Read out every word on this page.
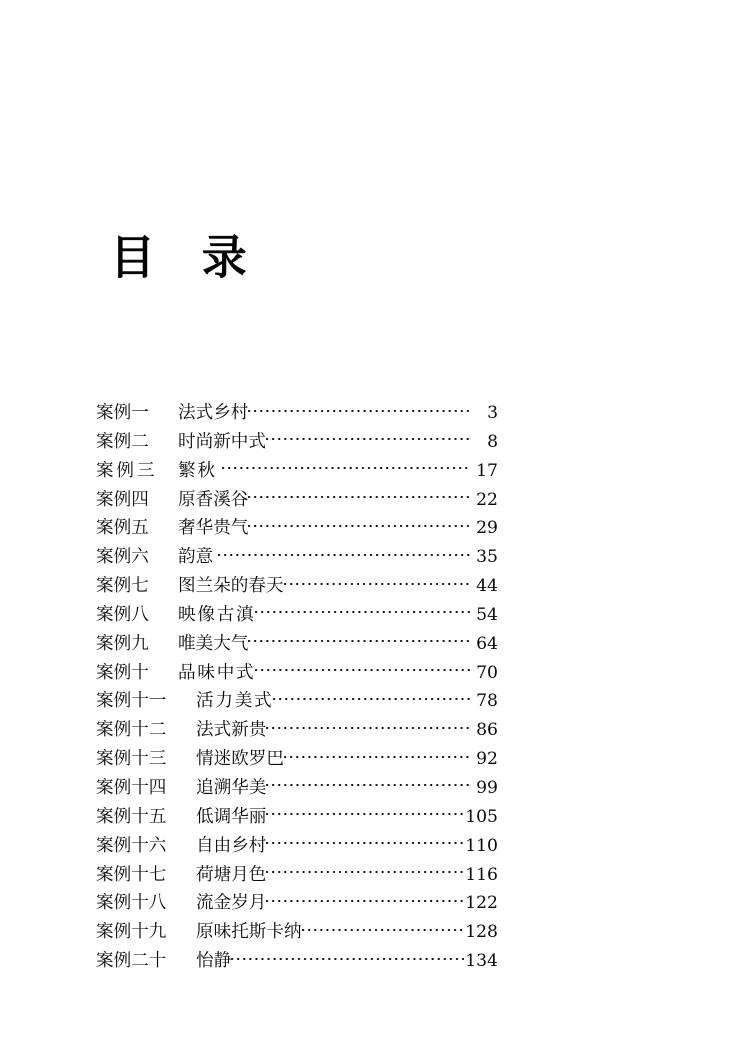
目　录
案例一	法式乡村	3
案例二	时尚新中式	8
案例三	繁秋	17
案例四	原香溪谷	22
案例五	奢华贵气	29
案例六	韵意	35
案例七	图兰朵的春天	44
案例八	映像古滇	54
案例九	唯美大气	64
案例十	品味中式	70
案例十一	活力美式	78
案例十二	法式新贵	86
案例十三	情迷欧罗巴	92
案例十四	追溯华美	99
案例十五	低调华丽	105
案例十六	自由乡村	110
案例十七	荷塘月色	116
案例十八	流金岁月	122
案例十九	原味托斯卡纳	128
案例二十	怡静	134
